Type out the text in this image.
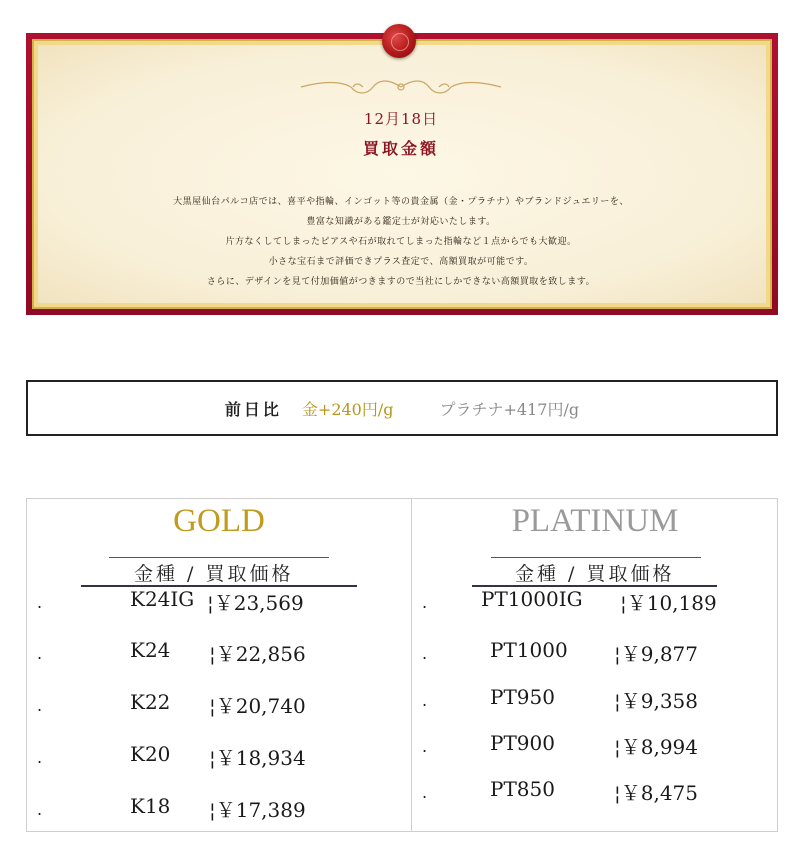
12月18日
買取金額
大黒屋仙台パルコ店では、喜平や指輪、インゴット等の貴金属（金・プラチナ）やブランドジュエリーを、
豊富な知識がある鑑定士が対応いたします。
片方なくしてしまったピアスや石が取れてしまった指輪など１点からでも大歓迎。
小さな宝石まで評価できプラス査定で、高額買取が可能です。
さらに、デザインを見て付加価値がつきますので当社にしかできない高額買取を致します。
前日比 金+240円/g	プラチナ+417円/g
GOLD
金種 / 買取価格
.	K24IG ¦￥23,569
.	K24 ¦￥22,856
.	K22 ¦￥20,740
.	K20 ¦￥18,934
.	K18 ¦￥17,389
PLATINUM
金種 / 買取価格
.	PT1000IG ¦￥10,189
.	PT1000 ¦￥9,877
.	PT950	¦￥9,358
.	PT900	¦￥8,994
.	PT850	¦￥8,475
